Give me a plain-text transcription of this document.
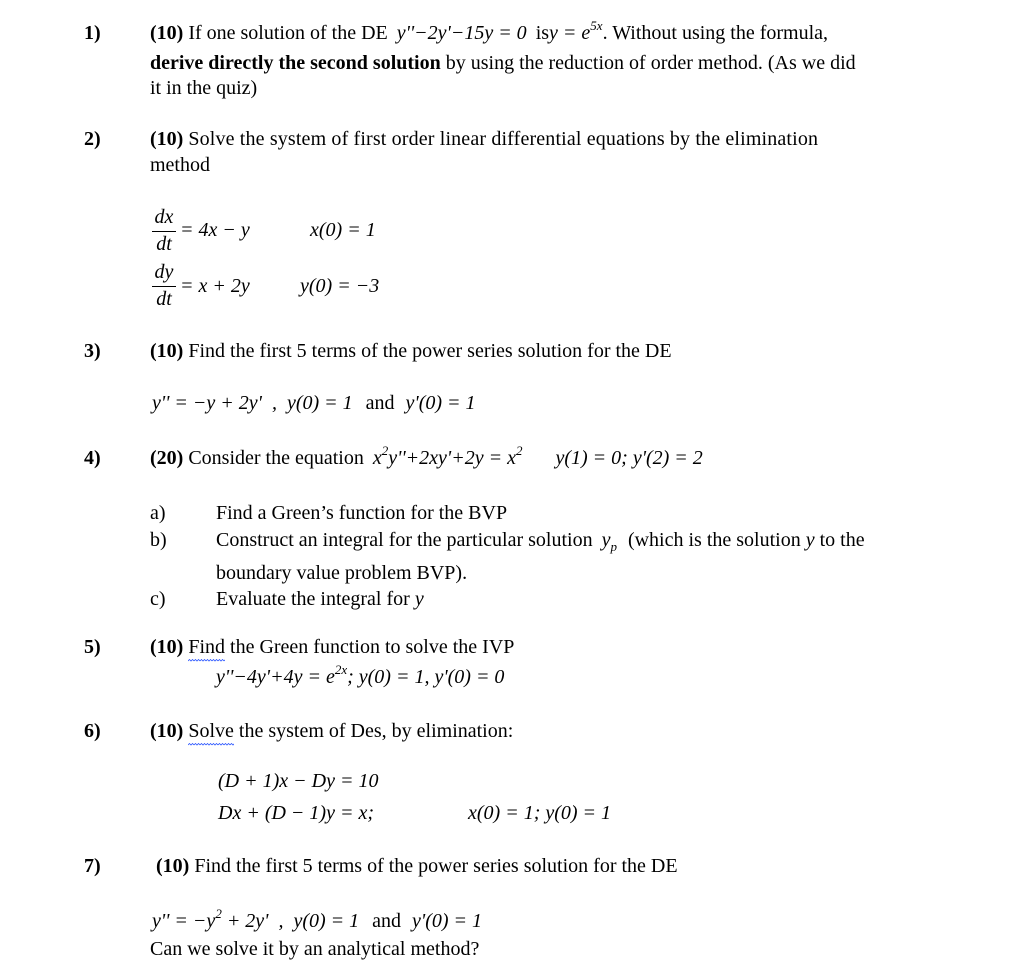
1) (10) If one solution of the DE y''−2y'−15y = 0 isy = $e^{5x}$. Without using the formula,
derive directly the second solution by using the reduction of order method. (As we did
it in the quiz)
2) (10) Solve the system of first order linear differential equations by the elimination
method
dx
dt
= 4x − y	x(0) = 1
dy
dt
= x + 2y	y(0) = −3
3) (10) Find the first 5 terms of the power series solution for the DE
y'' = −y + 2y'  ,  y(0) = 1 and y'(0) = 1
4) (20) Consider the equation $x^2y''+2xy'+2y = x^2$ y(1) = 0; y'(2) = 2
a)	Find a Green’s function for the BVP
b) Construct an integral for the particular solution $y_p$ (which is the solution y to the
boundary value problem BVP).
c)	Evaluate the integral for y
5) (10) Find the Green function to solve the IVP
$y''-4y'+4y = e^{2x}$; y(0) = 1, y'(0) = 0
6) (10) Solve the system of Des, by elimination:
(D + 1)x − Dy = 10
Dx + (D − 1)y = x;	x(0) = 1; y(0) = 1
7)	(10) Find the first 5 terms of the power series solution for the DE
$y'' = -y^2 + 2y'$  ,  y(0) = 1 and y'(0) = 1
Can we solve it by an analytical method?
